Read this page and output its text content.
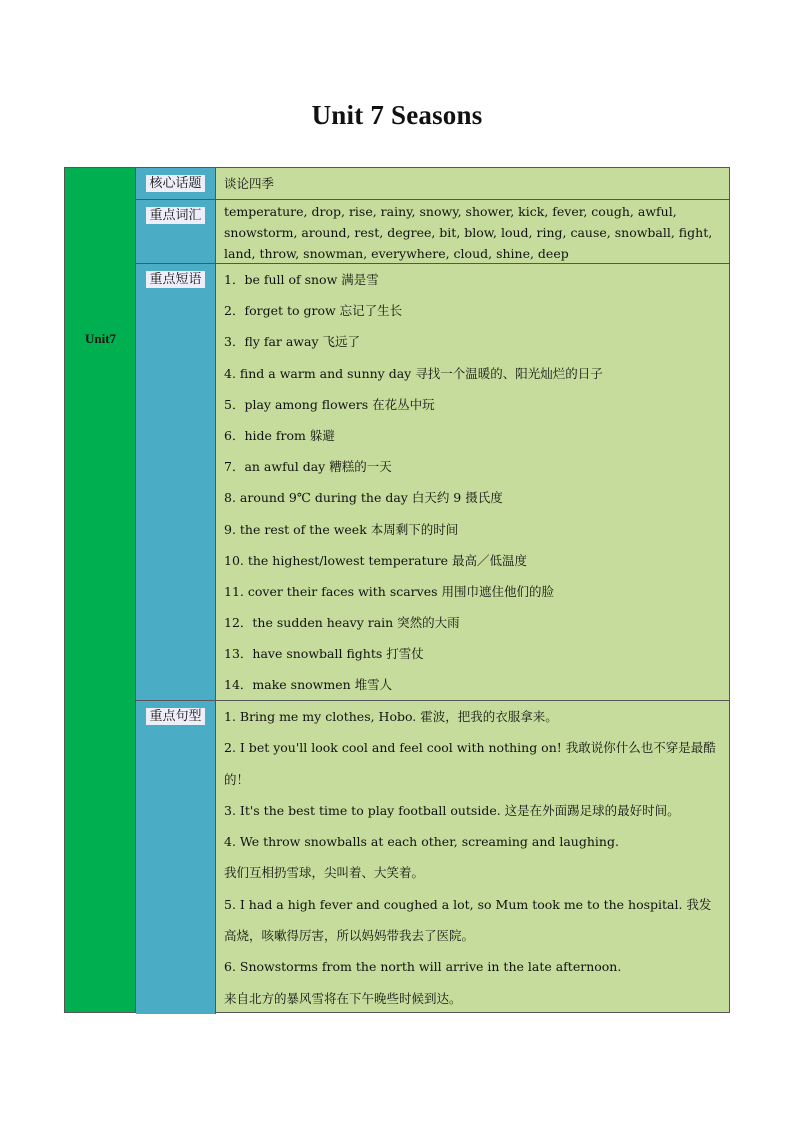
Unit 7 Seasons
Unit7
核心话题 谈论四季
重点词汇 temperature, drop, rise, rainy, snowy, shower, kick, fever, cough, awful, snowstorm, around, rest, degree, bit, blow, loud, ring, cause, snowball, fight, land, throw, snowman, everywhere, cloud, shine, deep
重点短语 1．be full of snow 满是雪
2．forget to grow 忘记了生长
3．fly far away 飞远了
4. find a warm and sunny day 寻找一个温暖的、阳光灿烂的日子
5．play among flowers 在花丛中玩
6．hide from 躲避
7．an awful day 糟糕的一天
8. around 9℃ during the day 白天约 9 摄氏度
9. the rest of the week 本周剩下的时间
10. the highest/lowest temperature 最高／低温度
11. cover their faces with scarves 用围巾遮住他们的脸
12．the sudden heavy rain 突然的大雨
13．have snowball fights 打雪仗
14．make snowmen 堆雪人
重点句型 1. Bring me my clothes, Hobo. 霍波，把我的衣服拿来。
2. I bet you'll look cool and feel cool with nothing on! 我敢说你什么也不穿是最酷的！
3. It's the best time to play football outside. 这是在外面踢足球的最好时间。
4. We throw snowballs at each other, screaming and laughing.
我们互相扔雪球，尖叫着、大笑着。
5. I had a high fever and coughed a lot, so Mum took me to the hospital. 我发高烧，咳嗽得厉害，所以妈妈带我去了医院。
6. Snowstorms from the north will arrive in the late afternoon.
来自北方的暴风雪将在下午晚些时候到达。
